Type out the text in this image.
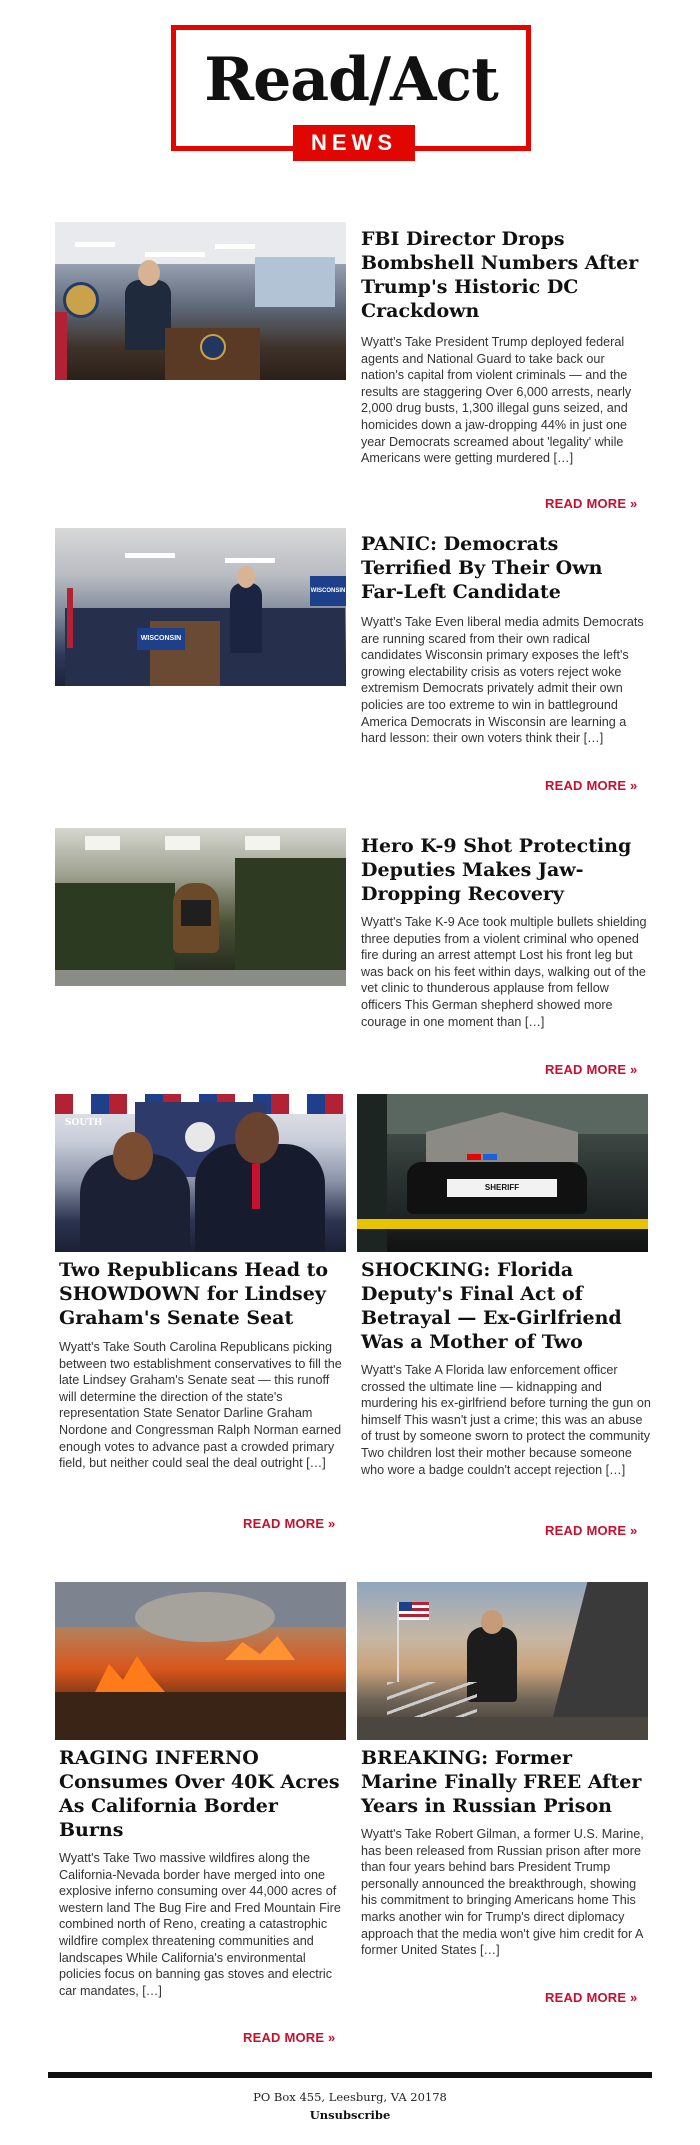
Read/Act
NEWS
FBI Director Drops Bombshell Numbers After Trump's Historic DC Crackdown
Wyatt's Take President Trump deployed federal agents and National Guard to take back our nation's capital from violent criminals — and the results are staggering Over 6,000 arrests, nearly 2,000 drug busts, 1,300 illegal guns seized, and homicides down a jaw-dropping 44% in just one year Democrats screamed about 'legality' while Americans were getting murdered […]
READ MORE »
WISCONSIN
WISCONSIN
PANIC: Democrats Terrified By Their Own Far-Left Candidate
Wyatt's Take Even liberal media admits Democrats are running scared from their own radical candidates Wisconsin primary exposes the left's growing electability crisis as voters reject woke extremism Democrats privately admit their own policies are too extreme to win in battleground America Democrats in Wisconsin are learning a hard lesson: their own voters think their […]
READ MORE »
Hero K-9 Shot Protecting Deputies Makes Jaw-Dropping Recovery
Wyatt's Take K-9 Ace took multiple bullets shielding three deputies from a violent criminal who opened fire during an arrest attempt Lost his front leg but was back on his feet within days, walking out of the vet clinic to thunderous applause from fellow officers This German shepherd showed more courage in one moment than […]
READ MORE »
SOUTH
Two Republicans Head to SHOWDOWN for Lindsey Graham's Senate Seat
Wyatt's Take South Carolina Republicans picking between two establishment conservatives to fill the late Lindsey Graham's Senate seat — this runoff will determine the direction of the state's representation State Senator Darline Graham Nordone and Congressman Ralph Norman earned enough votes to advance past a crowded primary field, but neither could seal the deal outright […]
READ MORE »
SHERIFF
SHOCKING: Florida Deputy's Final Act of Betrayal — Ex-Girlfriend Was a Mother of Two
Wyatt's Take A Florida law enforcement officer crossed the ultimate line — kidnapping and murdering his ex-girlfriend before turning the gun on himself This wasn't just a crime; this was an abuse of trust by someone sworn to protect the community Two children lost their mother because someone who wore a badge couldn't accept rejection […]
READ MORE »
RAGING INFERNO Consumes Over 40K Acres As California Border Burns
Wyatt's Take Two massive wildfires along the California-Nevada border have merged into one explosive inferno consuming over 44,000 acres of western land The Bug Fire and Fred Mountain Fire combined north of Reno, creating a catastrophic wildfire complex threatening communities and landscapes While California's environmental policies focus on banning gas stoves and electric car mandates, […]
READ MORE »
BREAKING: Former Marine Finally FREE After Years in Russian Prison
Wyatt's Take Robert Gilman, a former U.S. Marine, has been released from Russian prison after more than four years behind bars President Trump personally announced the breakthrough, showing his commitment to bringing Americans home This marks another win for Trump's direct diplomacy approach that the media won't give him credit for A former United States […]
READ MORE »
PO Box 455, Leesburg, VA 20178
Unsubscribe
